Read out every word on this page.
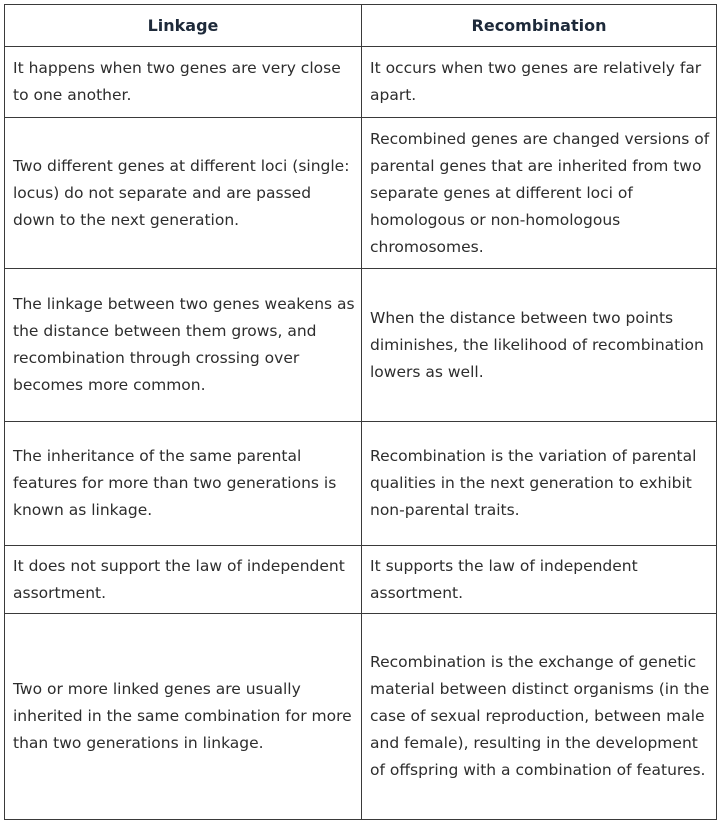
Linkage	Recombination
It happens when two genes are very close to one another.	It occurs when two genes are relatively far apart.
Two different genes at different loci (single: locus) do not separate and are passed down to the next generation.	Recombined genes are changed versions of parental genes that are inherited from two separate genes at different loci of homologous or non-homologous chromosomes.
The linkage between two genes weakens as the distance between them grows, and recombination through crossing over becomes more common.	When the distance between two points diminishes, the likelihood of recombination lowers as well.
The inheritance of the same parental features for more than two generations is known as linkage.	Recombination is the variation of parental qualities in the next generation to exhibit non-parental traits.
It does not support the law of independent assortment.	It supports the law of independent assortment.
Two or more linked genes are usually inherited in the same combination for more than two generations in linkage.	Recombination is the exchange of genetic material between distinct organisms (in the case of sexual reproduction, between male and female), resulting in the development of offspring with a combination of features.
